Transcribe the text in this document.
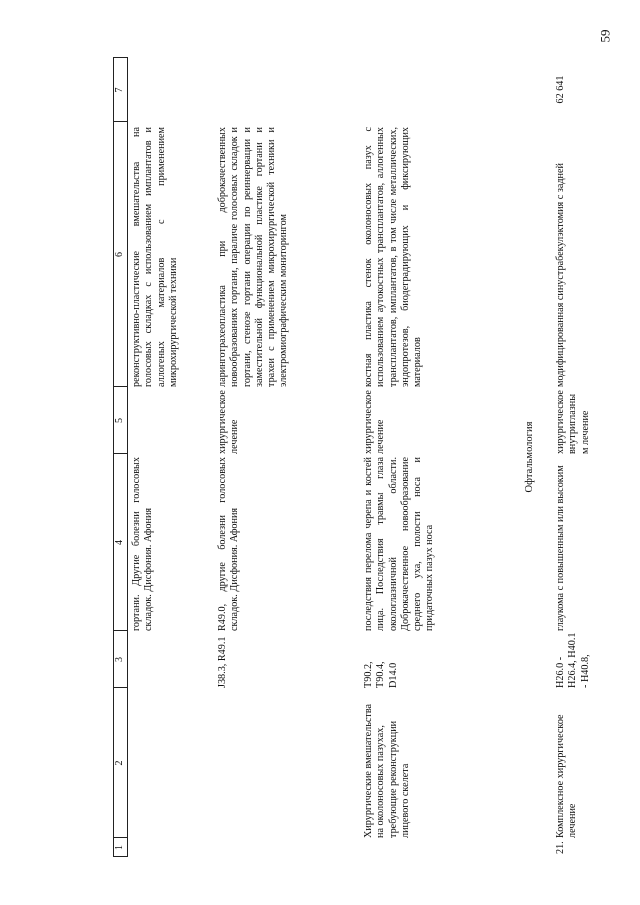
59
1
2
3
4
5
6
7
гортани. Другие болезни голосовых складок. Дисфония. Афония
реконструктивно-пластические вмешательства на голосовых складках с использованием имплантатов и аллогеных материалов с применением микрохирургической техники
J38.3, R49.1
R49.0, другие болезни голосовых складок. Дисфония. Афония
хирургическое лечение
ларинготрахеопластика при доброкачественных новообразованиях гортани, параличе голосовых складок и гортани, стенозе гортани операции по реиннервации и заместительной функциональной пластике гортани и трахеи с применением микрохирургической техники и электромиографическим мониторингом
Хирургические вмешательства на околоносовых пазухах, требующие реконструкции лицевого скелета
Т90.2, Т90.4, D14.0
последствия перелома черепа и костей лица. Последствия травмы глаза окологлазничной области. Доброкачественное новообразование среднего уха, полости носа и придаточных пазух носа
хирургическое лечение
костная пластика стенок околоносовых пазух с использованием аутокостных трансплантатов, аллогенных трансплантатов, имплантатов, в том числе металлических, эндопротезов, биодеградирующих и фиксирующих материалов
Офтальмология
21.
Комплексное хирургическое лечение
Н26.0 - Н26.4, Н40.1 - Н40.8,
глаукома с повышенным или высоким
хирургическое внутриглазным лечение
модифицированная синустрабекулэктомия с задней
62 641
